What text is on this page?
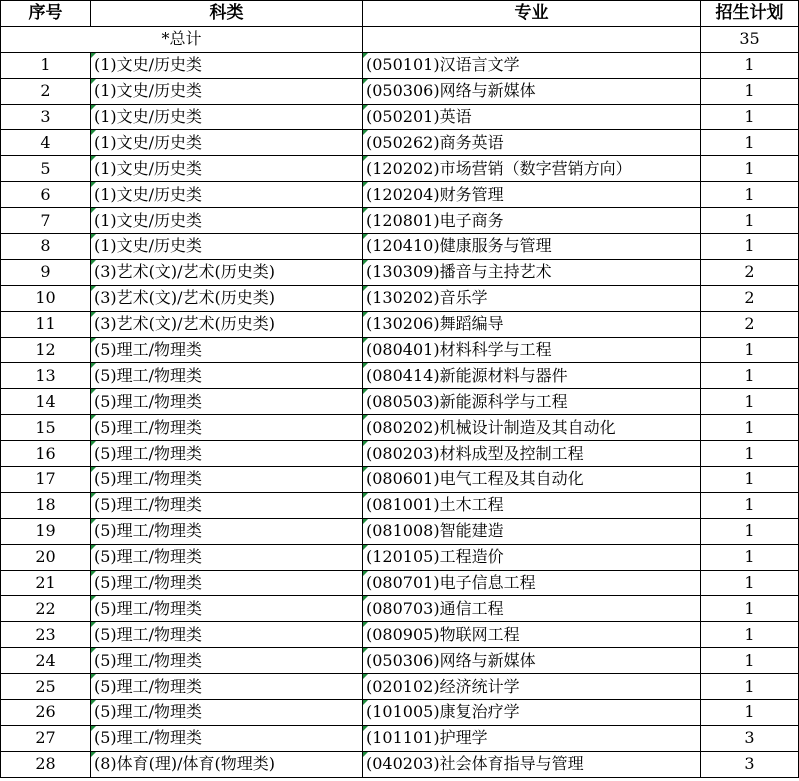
序号	科类	专业	招生计划
*总计			35
1	(1)文史/历史类	(050101)汉语言文学	1
2	(1)文史/历史类	(050306)网络与新媒体	1
3	(1)文史/历史类	(050201)英语	1
4	(1)文史/历史类	(050262)商务英语	1
5	(1)文史/历史类	(120202)市场营销（数字营销方向）	1
6	(1)文史/历史类	(120204)财务管理	1
7	(1)文史/历史类	(120801)电子商务	1
8	(1)文史/历史类	(120410)健康服务与管理	1
9	(3)艺术(文)/艺术(历史类)	(130309)播音与主持艺术	2
10	(3)艺术(文)/艺术(历史类)	(130202)音乐学	2
11	(3)艺术(文)/艺术(历史类)	(130206)舞蹈编导	2
12	(5)理工/物理类	(080401)材料科学与工程	1
13	(5)理工/物理类	(080414)新能源材料与器件	1
14	(5)理工/物理类	(080503)新能源科学与工程	1
15	(5)理工/物理类	(080202)机械设计制造及其自动化	1
16	(5)理工/物理类	(080203)材料成型及控制工程	1
17	(5)理工/物理类	(080601)电气工程及其自动化	1
18	(5)理工/物理类	(081001)土木工程	1
19	(5)理工/物理类	(081008)智能建造	1
20	(5)理工/物理类	(120105)工程造价	1
21	(5)理工/物理类	(080701)电子信息工程	1
22	(5)理工/物理类	(080703)通信工程	1
23	(5)理工/物理类	(080905)物联网工程	1
24	(5)理工/物理类	(050306)网络与新媒体	1
25	(5)理工/物理类	(020102)经济统计学	1
26	(5)理工/物理类	(101005)康复治疗学	1
27	(5)理工/物理类	(101101)护理学	3
28	(8)体育(理)/体育(物理类)	(040203)社会体育指导与管理	3
